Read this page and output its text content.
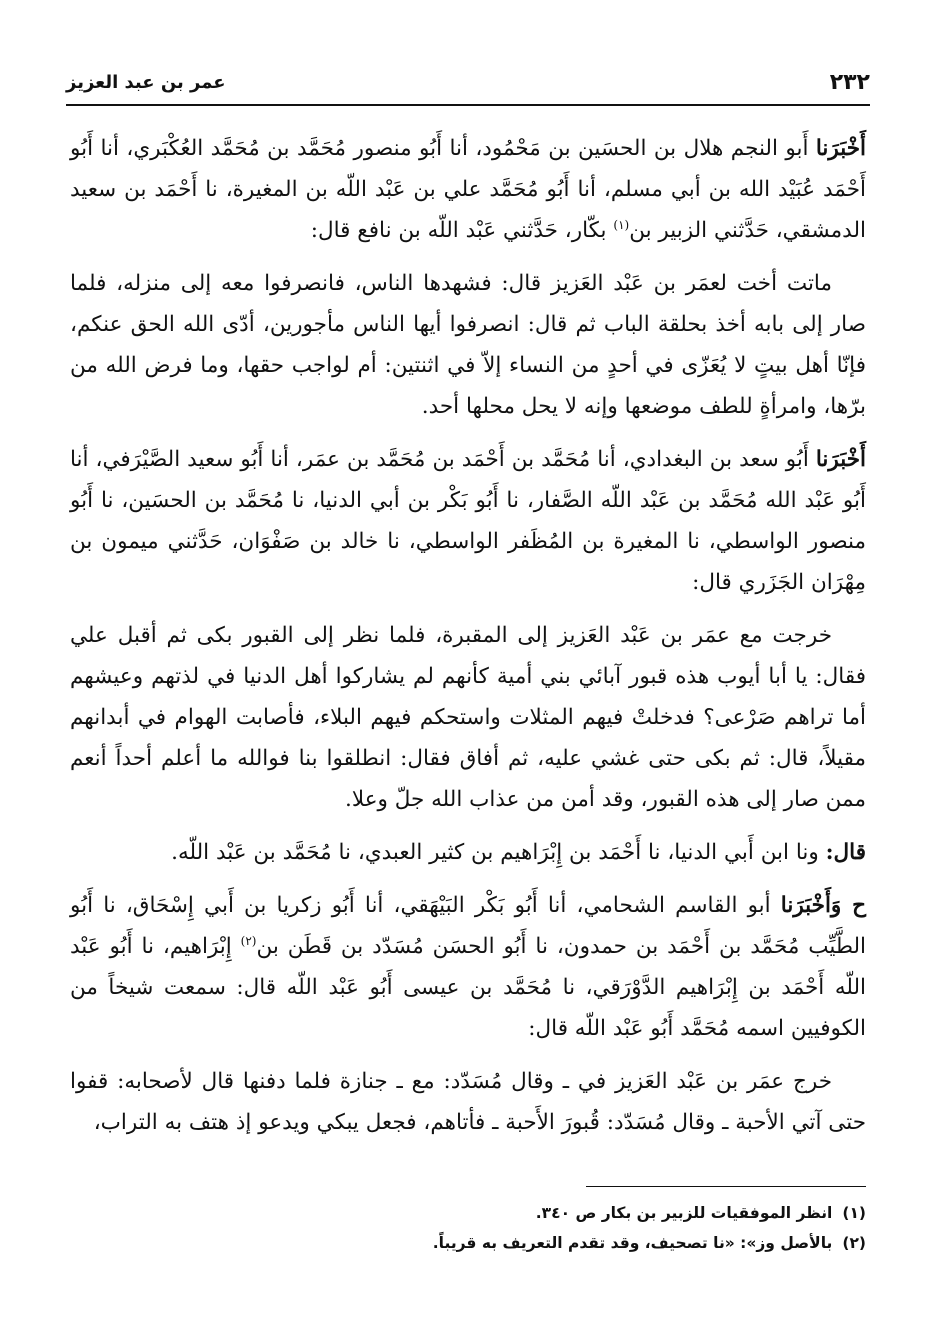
٢٣٢
عمر بن عبد العزيز

أَخْبَرَنا أَبو النجم هلال بن الحسَين بن مَحْمُود، أنا أَبُو منصور مُحَمَّد بن مُحَمَّد العُكْبَري، أنا أَبُو أَحْمَد عُبَيْد الله بن أبي مسلم، أنا أَبُو مُحَمَّد علي بن عَبْد اللّه بن المغيرة، نا أَحْمَد بن سعيد الدمشقي، حَدَّثني الزبير بن$^{(١)}$ بكّار، حَدَّثني عَبْد اللّه بن نافع قال:

ماتت أخت لعمَر بن عَبْد العَزيز قال: فشهدها الناس، فانصرفوا معه إلى منزله، فلما صار إلى بابه أخذ بحلقة الباب ثم قال: انصرفوا أيها الناس مأجورين، أدّى الله الحق عنكم، فإنّا أهل بيتٍ لا يُعَزّى في أحدٍ من النساء إلاّ في اثنتين: أم لواجب حقها، وما فرض الله من برّها، وامرأةٍ للطف موضعها وإنه لا يحل محلها أحد.

أَخْبَرَنا أَبُو سعد بن البغدادي، أنا مُحَمَّد بن أَحْمَد بن مُحَمَّد بن عمَر، أنا أَبُو سعيد الصَّيْرَفي، أنا أَبُو عَبْد الله مُحَمَّد بن عَبْد اللّه الصَّفار، نا أَبُو بَكْر بن أبي الدنيا، نا مُحَمَّد بن الحسَين، نا أَبُو منصور الواسطي، نا المغيرة بن المُظَفر الواسطي، نا خالد بن صَفْوَان، حَدَّثني ميمون بن مِهْرَان الجَزَري قال:

خرجت مع عمَر بن عَبْد العَزيز إلى المقبرة، فلما نظر إلى القبور بكى ثم أقبل علي فقال: يا أبا أيوب هذه قبور آبائي بني أمية كأنهم لم يشاركوا أهل الدنيا في لذتهم وعيشهم أما تراهم صَرْعى؟ فدخلتْ فيهم المثلات واستحكم فيهم البلاء، فأصابت الهوام في أبدانهم مقيلاً، قال: ثم بكى حتى غشي عليه، ثم أفاق فقال: انطلقوا بنا فوالله ما أعلم أحداً أنعم ممن صار إلى هذه القبور، وقد أمن من عذاب الله جلّ وعلا.

قال: ونا ابن أَبي الدنيا، نا أَحْمَد بن إِبْرَاهيم بن كثير العبدي، نا مُحَمَّد بن عَبْد اللّه.

ح وَأَخْبَرَنا أبو القاسم الشحامي، أنا أَبُو بَكْر البَيْهَقي، أنا أَبُو زكريا بن أَبي إِسْحَاق، نا أَبُو الطَّيِّب مُحَمَّد بن أَحْمَد بن حمدون، نا أَبُو الحسَن مُسَدّد بن قَطَن بن$^{(٢)}$ إِبْرَاهيم، نا أَبُو عَبْد اللّه أَحْمَد بن إِبْرَاهيم الدَّوْرَقي، نا مُحَمَّد بن عيسى أَبُو عَبْد اللّه قال: سمعت شيخاً من الكوفيين اسمه مُحَمَّد أَبُو عَبْد اللّه قال:

خرج عمَر بن عَبْد العَزيز في ـ وقال مُسَدّد: مع ـ جنازة فلما دفنها قال لأصحابه: قفوا حتى آتي الأحبة ـ وقال مُسَدّد: قُبورَ الأَحبة ـ فأتاهم، فجعل يبكي ويدعو إذ هتف به التراب،

(١)
انظر الموفقيات للزبير بن بكار ص ٣٤٠.
(٢)
بالأصل وز»: «نا تصحيف، وقد تقدم التعريف به قريباً.
